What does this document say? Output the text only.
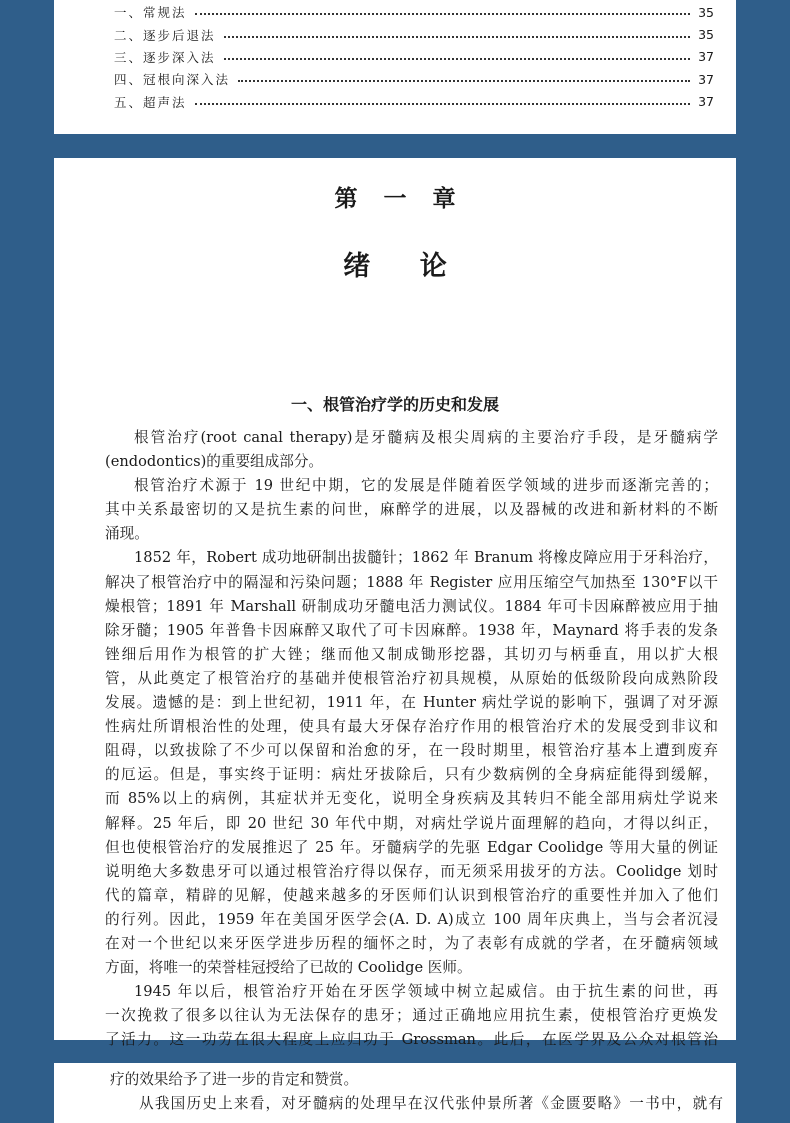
一、常规法	35
二、逐步后退法	35
三、逐步深入法	37
四、冠根向深入法	37
五、超声法	37
第 一 章
绪 论
一、根管治疗学的历史和发展
根管治疗(root canal therapy)是牙髓病及根尖周病的主要治疗手段，是牙髓病学
(endodontics)的重要组成部分。
根管治疗术源于 19 世纪中期，它的发展是伴随着医学领域的进步而逐渐完善的；
其中关系最密切的又是抗生素的问世，麻醉学的进展，以及器械的改进和新材料的不断
涌现。
1852 年，Robert 成功地研制出拔髓针；1862 年 Branum 将橡皮障应用于牙科治疗，
解决了根管治疗中的隔湿和污染问题；1888 年 Register 应用压缩空气加热至 130°F以干
燥根管；1891 年 Marshall 研制成功牙髓电活力测试仪。1884 年可卡因麻醉被应用于抽
除牙髓；1905 年普鲁卡因麻醉又取代了可卡因麻醉。1938 年，Maynard 将手表的发条
锉细后用作为根管的扩大锉；继而他又制成锄形挖器，其切刃与柄垂直，用以扩大根
管，从此奠定了根管治疗的基础并使根管治疗初具规模，从原始的低级阶段向成熟阶段
发展。遗憾的是：到上世纪初，1911 年，在 Hunter 病灶学说的影响下，强调了对牙源
性病灶所谓根治性的处理，使具有最大牙保存治疗作用的根管治疗术的发展受到非议和
阻碍，以致拔除了不少可以保留和治愈的牙，在一段时期里，根管治疗基本上遭到废弃
的厄运。但是，事实终于证明：病灶牙拔除后，只有少数病例的全身病症能得到缓解，
而 85%以上的病例，其症状并无变化，说明全身疾病及其转归不能全部用病灶学说来
解释。25 年后，即 20 世纪 30 年代中期，对病灶学说片面理解的趋向，才得以纠正，
但也使根管治疗的发展推迟了 25 年。牙髓病学的先驱 Edgar Coolidge 等用大量的例证
说明绝大多数患牙可以通过根管治疗得以保存，而无须采用拔牙的方法。Coolidge 划时
代的篇章，精辟的见解，使越来越多的牙医师们认识到根管治疗的重要性并加入了他们
的行列。因此，1959 年在美国牙医学会(A. D. A)成立 100 周年庆典上，当与会者沉浸
在对一个世纪以来牙医学进步历程的缅怀之时，为了表彰有成就的学者，在牙髓病领域
方面，将唯一的荣誉桂冠授给了已故的 Coolidge 医师。
1945 年以后，根管治疗开始在牙医学领域中树立起威信。由于抗生素的问世，再
一次挽救了很多以往认为无法保存的患牙；通过正确地应用抗生素，使根管治疗更焕发
了活力。这一功劳在很大程度上应归功于 Grossman。此后，在医学界及公众对根管治
疗的效果给予了进一步的肯定和赞赏。
从我国历史上来看，对牙髓病的处理早在汉代张仲景所著《金匮要略》一书中，就有
